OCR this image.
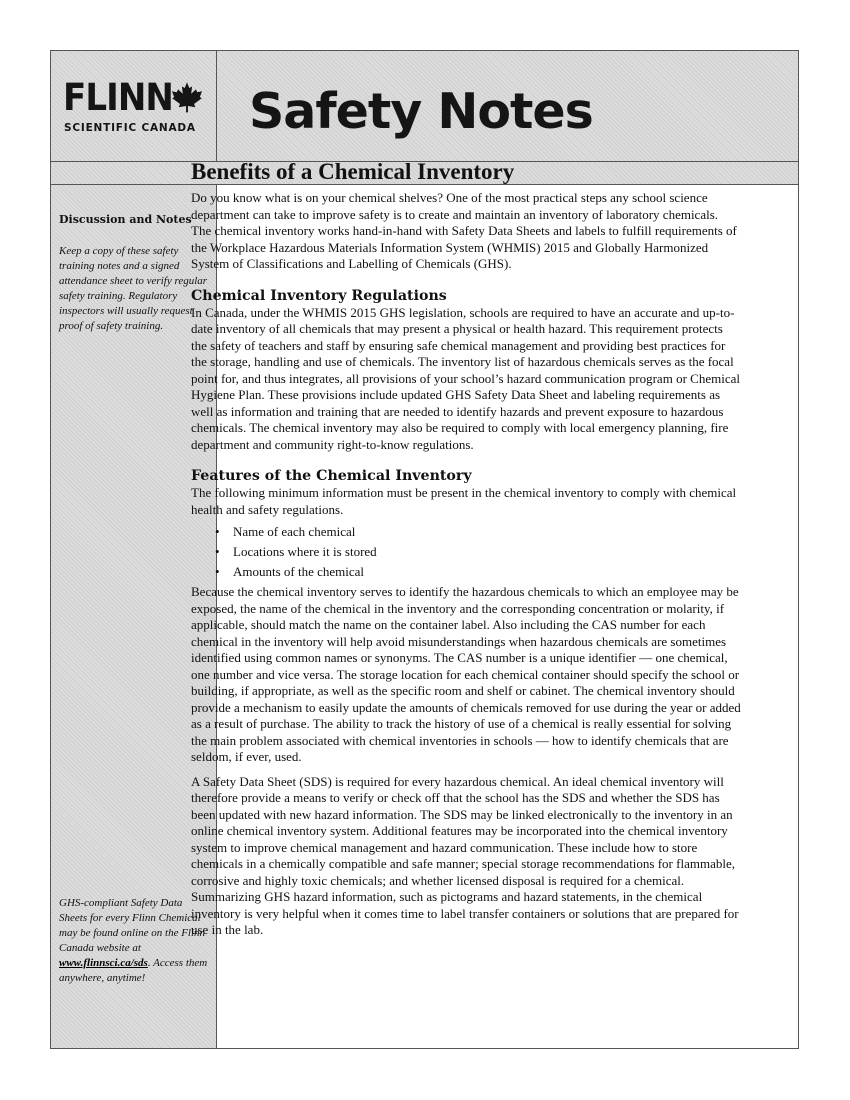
FLINN
SCIENTIFIC CANADA Safety Notes
Discussion and Notes

Keep a copy of these safety training notes and a signed attendance sheet to verify regular safety training. Regulatory inspectors will usually request proof of safety training.

GHS-compliant Safety Data Sheets for every Flinn Chemical may be found online on the Flinn Canada website at www.flinnsci.ca/sds. Access them anywhere, anytime!

Benefits of a Chemical Inventory

Do you know what is on your chemical shelves? One of the most practical steps any school science department can take to improve safety is to create and maintain an inventory of laboratory chemicals. The chemical inventory works hand-in-hand with Safety Data Sheets and labels to fulfill requirements of the Workplace Hazardous Materials Information System (WHMIS) 2015 and Globally Harmonized System of Classifications and Labelling of Chemicals (GHS).

Chemical Inventory Regulations

In Canada, under the WHMIS 2015 GHS legislation, schools are required to have an accurate and up-to-date inventory of all chemicals that may present a physical or health hazard. This requirement protects the safety of teachers and staff by ensuring safe chemical management and providing best practices for the storage, handling and use of chemicals. The inventory list of hazardous chemicals serves as the focal point for, and thus integrates, all provisions of your school’s hazard communication program or Chemical Hygiene Plan. These provisions include updated GHS Safety Data Sheet and labeling requirements as well as information and training that are needed to identify hazards and prevent exposure to hazardous chemicals. The chemical inventory may also be required to comply with local emergency planning, fire department and community right-to-know regulations.

Features of the Chemical Inventory

The following minimum information must be present in the chemical inventory to comply with chemical health and safety regulations.

• Name of each chemical
• Locations where it is stored
• Amounts of the chemical

Because the chemical inventory serves to identify the hazardous chemicals to which an employee may be exposed, the name of the chemical in the inventory and the corresponding concentration or molarity, if applicable, should match the name on the container label. Also including the CAS number for each chemical in the inventory will help avoid misunderstandings when hazardous chemicals are sometimes identified using common names or synonyms. The CAS number is a unique identifier — one chemical, one number and vice versa. The storage location for each chemical container should specify the school or building, if appropriate, as well as the specific room and shelf or cabinet. The chemical inventory should provide a mechanism to easily update the amounts of chemicals removed for use during the year or added as a result of purchase. The ability to track the history of use of a chemical is really essential for solving the main problem associated with chemical inventories in schools — how to identify chemicals that are seldom, if ever, used.

A Safety Data Sheet (SDS) is required for every hazardous chemical. An ideal chemical inventory will therefore provide a means to verify or check off that the school has the SDS and whether the SDS has been updated with new hazard information. The SDS may be linked electronically to the inventory in an online chemical inventory system. Additional features may be incorporated into the chemical inventory system to improve chemical management and hazard communication. These include how to store chemicals in a chemically compatible and safe manner; special storage recommendations for flammable, corrosive and highly toxic chemicals; and whether licensed disposal is required for a chemical. Summarizing GHS hazard information, such as pictograms and hazard statements, in the chemical inventory is very helpful when it comes time to label transfer containers or solutions that are prepared for use in the lab.
